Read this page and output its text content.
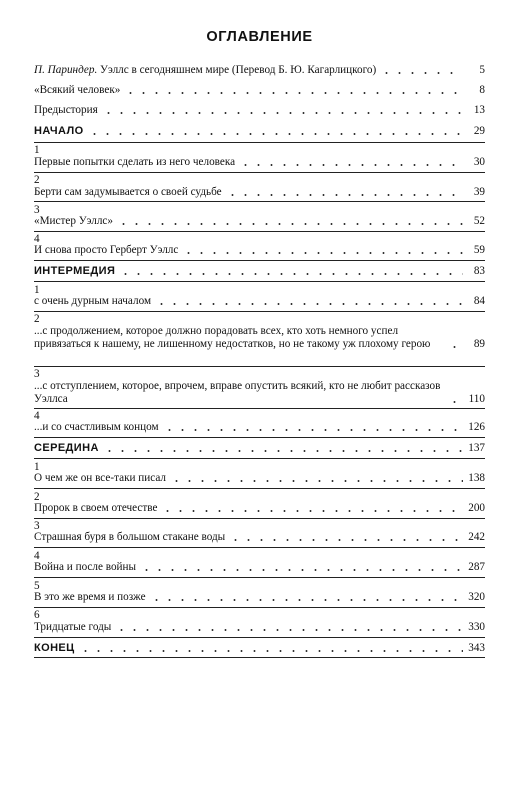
ОГЛАВЛЕНИЕ
П. Париндер. Уэллс в сегодняшнем мире (Перевод Б. Ю. Кагарлицкого)	5
«Всякий человек»	8
Предыстория	13
НАЧАЛО	29
1
Первые попытки сделать из него человека	30
2
Берти сам задумывается о своей судьбе	39
3
«Мистер Уэллс»	52
4
И снова просто Герберт Уэллс	59
ИНТЕРМЕДИЯ	83
1
с очень дурным началом	84
2
...с продолжением, которое должно порадовать всех, кто хоть немного успел привязаться к нашему, не лишенному недостатков, но не такому уж плохому герою	89
3
...с отступлением, которое, впрочем, вправе опустить всякий, кто не любит рассказов Уэллса	110
4
...и со счастливым концом	126
СЕРЕДИНА	137
1
О чем же он все-таки писал	138
2
Пророк в своем отечестве	200
3
Страшная буря в большом стакане воды	242
4
Война и после войны	287
5
В это же время и позже	320
6
Тридцатые годы	330
КОНЕЦ	343
